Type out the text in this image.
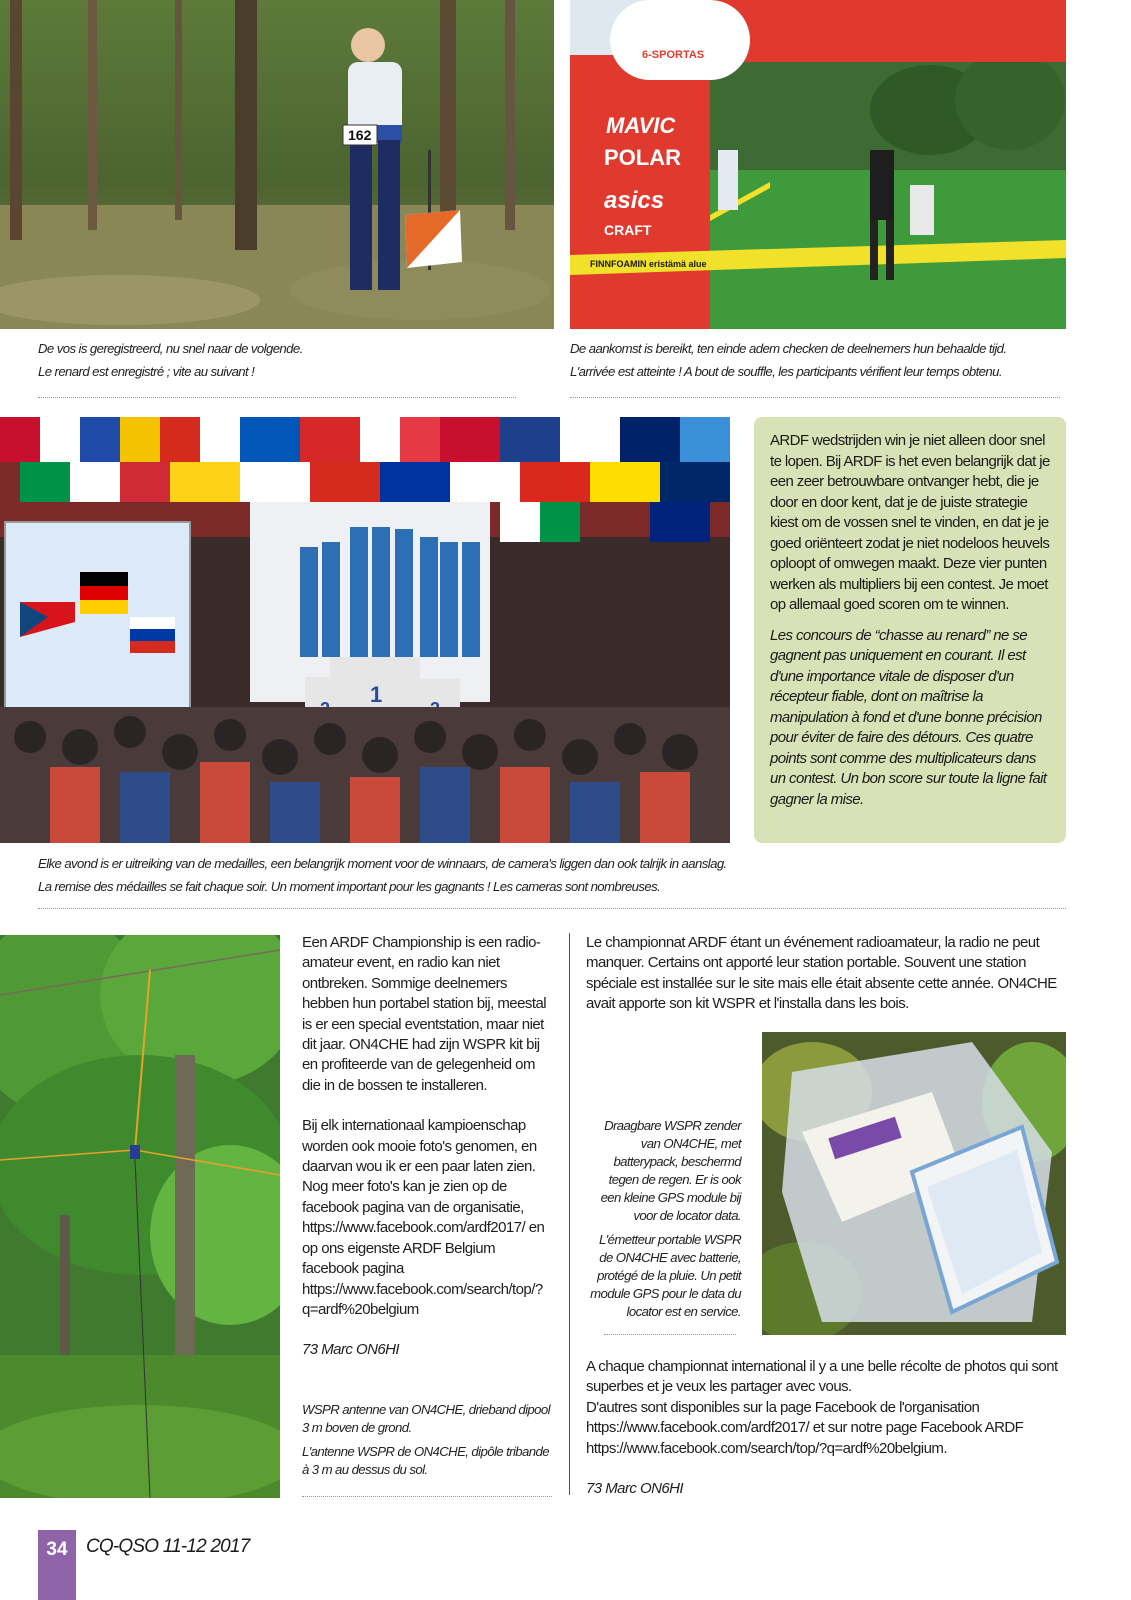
162
6-SPORTAS
MAVIC
POLAR
asics
CRAFT
FINNFOAMIN eristämä alue

De vos is geregistreerd, nu snel naar de volgende.

Le renard est enregistré ; vite au suivant !

De aankomst is bereikt, ten einde adem checken de deelnemers hun behaalde tijd.

L'arrivée est atteinte ! A bout de souffle, les participants vérifient leur temps obtenu.

1

ARDF wedstrijden win je niet alleen door snel te lopen. Bij ARDF is het even belangrijk dat je een zeer betrouwbare ontvanger hebt, die je door en door kent, dat je de juiste strategie kiest om de vossen snel te vinden, en dat je je goed oriënteert zodat je niet nodeloos heuvels oploopt of omwegen maakt. Deze vier punten werken als multipliers bij een contest. Je moet op allemaal goed scoren om te winnen.

Les concours de “chasse au renard” ne se gagnent pas uniquement en courant. Il est d'une importance vitale de disposer d'un récepteur fiable, dont on maîtrise la manipulation à fond et d'une bonne précision pour éviter de faire des détours. Ces quatre points sont comme des multiplicateurs dans un contest. Un bon score sur toute la ligne fait gagner la mise.

Elke avond is er uitreiking van de medailles, een belangrijk moment voor de winnaars, de camera's liggen dan ook talrijk in aanslag.

La remise des médailles se fait chaque soir. Un moment important pour les gagnants ! Les cameras sont nombreuses.

Een ARDF Championship is een radio-amateur event, en radio kan niet ontbreken. Sommige deelnemers hebben hun portabel station bij, meestal is er een special eventstation, maar niet dit jaar. ON4CHE had zijn WSPR kit bij en profiteerde van de gelegenheid om die in de bossen te installeren.

Bij elk internationaal kampioenschap worden ook mooie foto's genomen, en daarvan wou ik er een paar laten zien. Nog meer foto's kan je zien op de facebook pagina van de organisatie, https://www.facebook.com/ardf2017/ en op ons eigenste ARDF Belgium facebook pagina https://www.facebook.com/search/top/?q=ardf%20belgium

73 Marc ON6HI

WSPR antenne van ON4CHE, drieband dipool 3 m boven de grond.

L'antenne WSPR de ON4CHE, dipôle tribande à 3 m au dessus du sol.

Le championnat ARDF étant un événement radioamateur, la radio ne peut manquer. Certains ont apporté leur station portable. Souvent une station spéciale est installée sur le site mais elle était absente cette année. ON4CHE avait apporte son kit WSPR et l'installa dans les bois.

Draagbare WSPR zender van ON4CHE, met batterypack, beschermd tegen de regen. Er is ook een kleine GPS module bij voor de locator data.

L'émetteur portable WSPR de ON4CHE avec batterie, protégé de la pluie. Un petit module GPS pour le data du locator est en service.

A chaque championnat international il y a une belle récolte de photos qui sont superbes et je veux les partager avec vous.
D'autres sont disponibles sur la page Facebook de l'organisation https://www.facebook.com/ardf2017/ et sur notre page Facebook ARDF https://www.facebook.com/search/top/?q=ardf%20belgium.

73 Marc ON6HI

34 CQ-QSO 11-12 2017
